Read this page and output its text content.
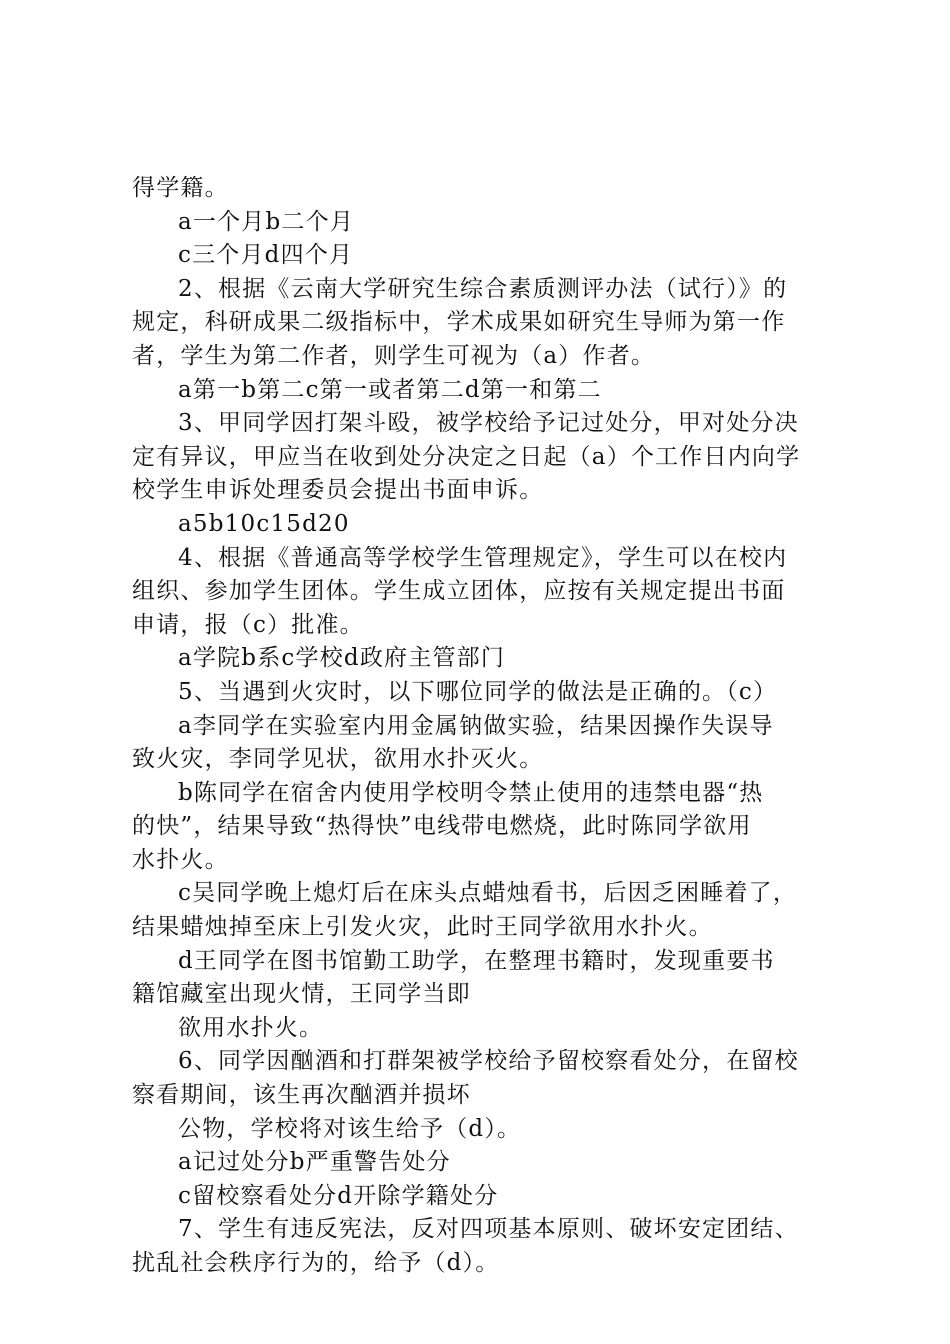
得学籍。
a一个月b二个月
c三个月d四个月
2、根据《云南大学研究生综合素质测评办法（试行）》的
规定，科研成果二级指标中，学术成果如研究生导师为第一作
者，学生为第二作者，则学生可视为（a）作者。
a第一b第二c第一或者第二d第一和第二
3、甲同学因打架斗殴，被学校给予记过处分，甲对处分决
定有异议，甲应当在收到处分决定之日起（a）个工作日内向学
校学生申诉处理委员会提出书面申诉。
a5b10c15d20
4、根据《普通高等学校学生管理规定》，学生可以在校内
组织、参加学生团体。学生成立团体，应按有关规定提出书面
申请，报（c）批准。
a学院b系c学校d政府主管部门
5、当遇到火灾时，以下哪位同学的做法是正确的。（c）
a李同学在实验室内用金属钠做实验，结果因操作失误导
致火灾，李同学见状，欲用水扑灭火。
b陈同学在宿舍内使用学校明令禁止使用的违禁电器“热
的快”，结果导致“热得快”电线带电燃烧，此时陈同学欲用
水扑火。
c吴同学晚上熄灯后在床头点蜡烛看书，后因乏困睡着了，
结果蜡烛掉至床上引发火灾，此时王同学欲用水扑火。
d王同学在图书馆勤工助学，在整理书籍时，发现重要书
籍馆藏室出现火情，王同学当即
欲用水扑火。
6、同学因酗酒和打群架被学校给予留校察看处分，在留校
察看期间，该生再次酗酒并损坏
公物，学校将对该生给予（d）。
a记过处分b严重警告处分
c留校察看处分d开除学籍处分
7、学生有违反宪法，反对四项基本原则、破坏安定团结、
扰乱社会秩序行为的，给予（d）。
